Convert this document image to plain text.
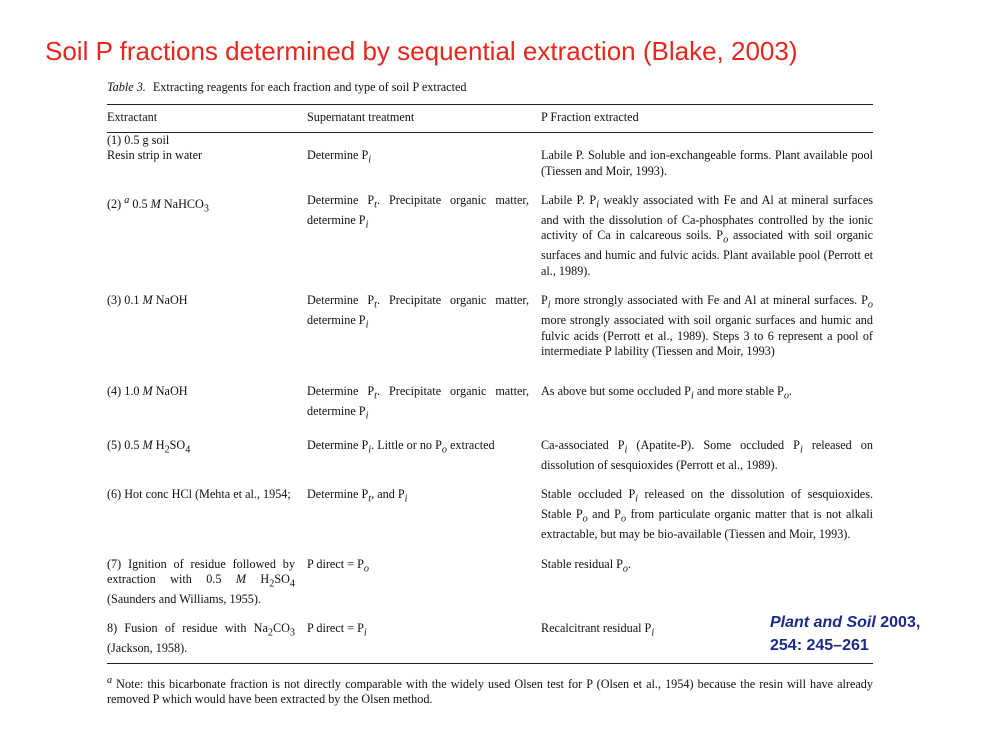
Soil P fractions determined by sequential extraction (Blake, 2003)
Table 3. Extracting reagents for each fraction and type of soil P extracted
Extractant	Supernatant treatment	P Fraction extracted

(1) 0.5 g soil
Resin strip in water	Determine $P_i$	Labile P. Soluble and ion-exchangeable forms. Plant available pool (Tiessen and Moir, 1993).
(2) $^a$ 0.5 M NaHCO$_3$	Determine $P_t$. Precipitate organic matter, determine $P_i$	Labile P. $P_i$ weakly associated with Fe and Al at mineral surfaces and with the dissolution of Ca-phosphates controlled by the ionic activity of Ca in calcareous soils. $P_o$ associated with soil organic surfaces and humic and fulvic acids. Plant available pool (Perrott et al., 1989).
(3) 0.1 M NaOH	Determine $P_t$. Precipitate organic matter, determine $P_i$	$P_i$ more strongly associated with Fe and Al at mineral surfaces. $P_o$ more strongly associated with soil organic surfaces and humic and fulvic acids (Perrott et al., 1989). Steps 3 to 6 represent a pool of intermediate P lability (Tiessen and Moir, 1993)
(4) 1.0 M NaOH	Determine $P_t$. Precipitate organic matter, determine $P_i$	As above but some occluded $P_i$ and more stable $P_o$.
(5) 0.5 M $H_2SO_4$	Determine $P_i$. Little or no $P_o$ extracted	Ca-associated $P_i$ (Apatite-P). Some occluded $P_i$ released on dissolution of sesquioxides (Perrott et al., 1989).
(6) Hot conc HCl (Mehta et al., 1954;	Determine $P_t$, and $P_i$	Stable occluded $P_i$ released on the dissolution of sesquioxides. Stable $P_o$ and $P_o$ from particulate organic matter that is not alkali extractable, but may be bio-available (Tiessen and Moir, 1993).
(7) Ignition of residue followed by extraction with 0.5 M $H_2SO_4$ (Saunders and Williams, 1955).	P direct = $P_o$	Stable residual $P_o$.
8) Fusion of residue with $Na_2CO_3$ (Jackson, 1958).	P direct = $P_i$	Recalcitrant residual $P_i$
$^a$ Note: this bicarbonate fraction is not directly comparable with the widely used Olsen test for P (Olsen et al., 1954) because the resin will have already removed P which would have been extracted by the Olsen method.
Plant and Soil 2003,
254: 245–261
